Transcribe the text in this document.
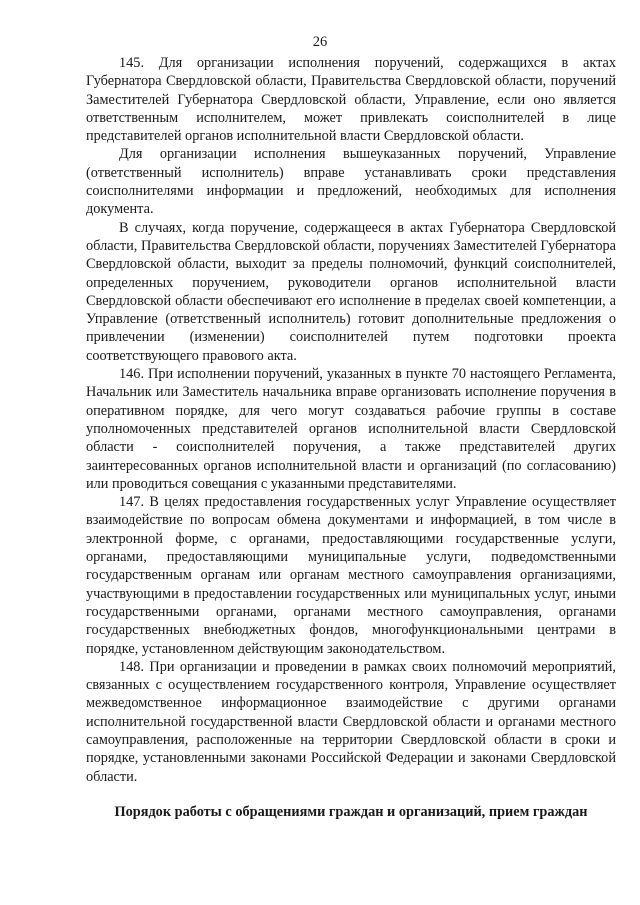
26

145. Для организации исполнения поручений, содержащихся в актах Губернатора Свердловской области, Правительства Свердловской области, поручений Заместителей Губернатора Свердловской области, Управление, если оно является ответственным исполнителем, может привлекать соисполнителей в лице представителей органов исполнительной власти Свердловской области.

Для организации исполнения вышеуказанных поручений, Управление (ответственный исполнитель) вправе устанавливать сроки представления соисполнителями информации и предложений, необходимых для исполнения документа.

В случаях, когда поручение, содержащееся в актах Губернатора Свердловской области, Правительства Свердловской области, поручениях Заместителей Губернатора Свердловской области, выходит за пределы полномочий, функций соисполнителей, определенных поручением, руководители органов исполнительной власти Свердловской области обеспечивают его исполнение в пределах своей компетенции, а Управление (ответственный исполнитель) готовит дополнительные предложения о привлечении (изменении) соисполнителей путем подготовки проекта соответствующего правового акта.

146. При исполнении поручений, указанных в пункте 70 настоящего Регламента, Начальник или Заместитель начальника вправе организовать исполнение поручения в оперативном порядке, для чего могут создаваться рабочие группы в составе уполномоченных представителей органов исполнительной власти Свердловской области - соисполнителей поручения, а также представителей других заинтересованных органов исполнительной власти и организаций (по согласованию) или проводиться совещания с указанными представителями.

147. В целях предоставления государственных услуг Управление осуществляет взаимодействие по вопросам обмена документами и информацией, в том числе в электронной форме, с органами, предоставляющими государственные услуги, органами, предоставляющими муниципальные услуги, подведомственными государственным органам или органам местного самоуправления организациями, участвующими в предоставлении государственных или муниципальных услуг, иными государственными органами, органами местного самоуправления, органами государственных внебюджетных фондов, многофункциональными центрами в порядке, установленном действующим законодательством.

148. При организации и проведении в рамках своих полномочий мероприятий, связанных с осуществлением государственного контроля, Управление осуществляет межведомственное информационное взаимодействие с другими органами исполнительной государственной власти Свердловской области и органами местного самоуправления, расположенные на территории Свердловской области в сроки и порядке, установленными законами Российской Федерации и законами Свердловской области.

Порядок работы с обращениями граждан и организаций, прием граждан
